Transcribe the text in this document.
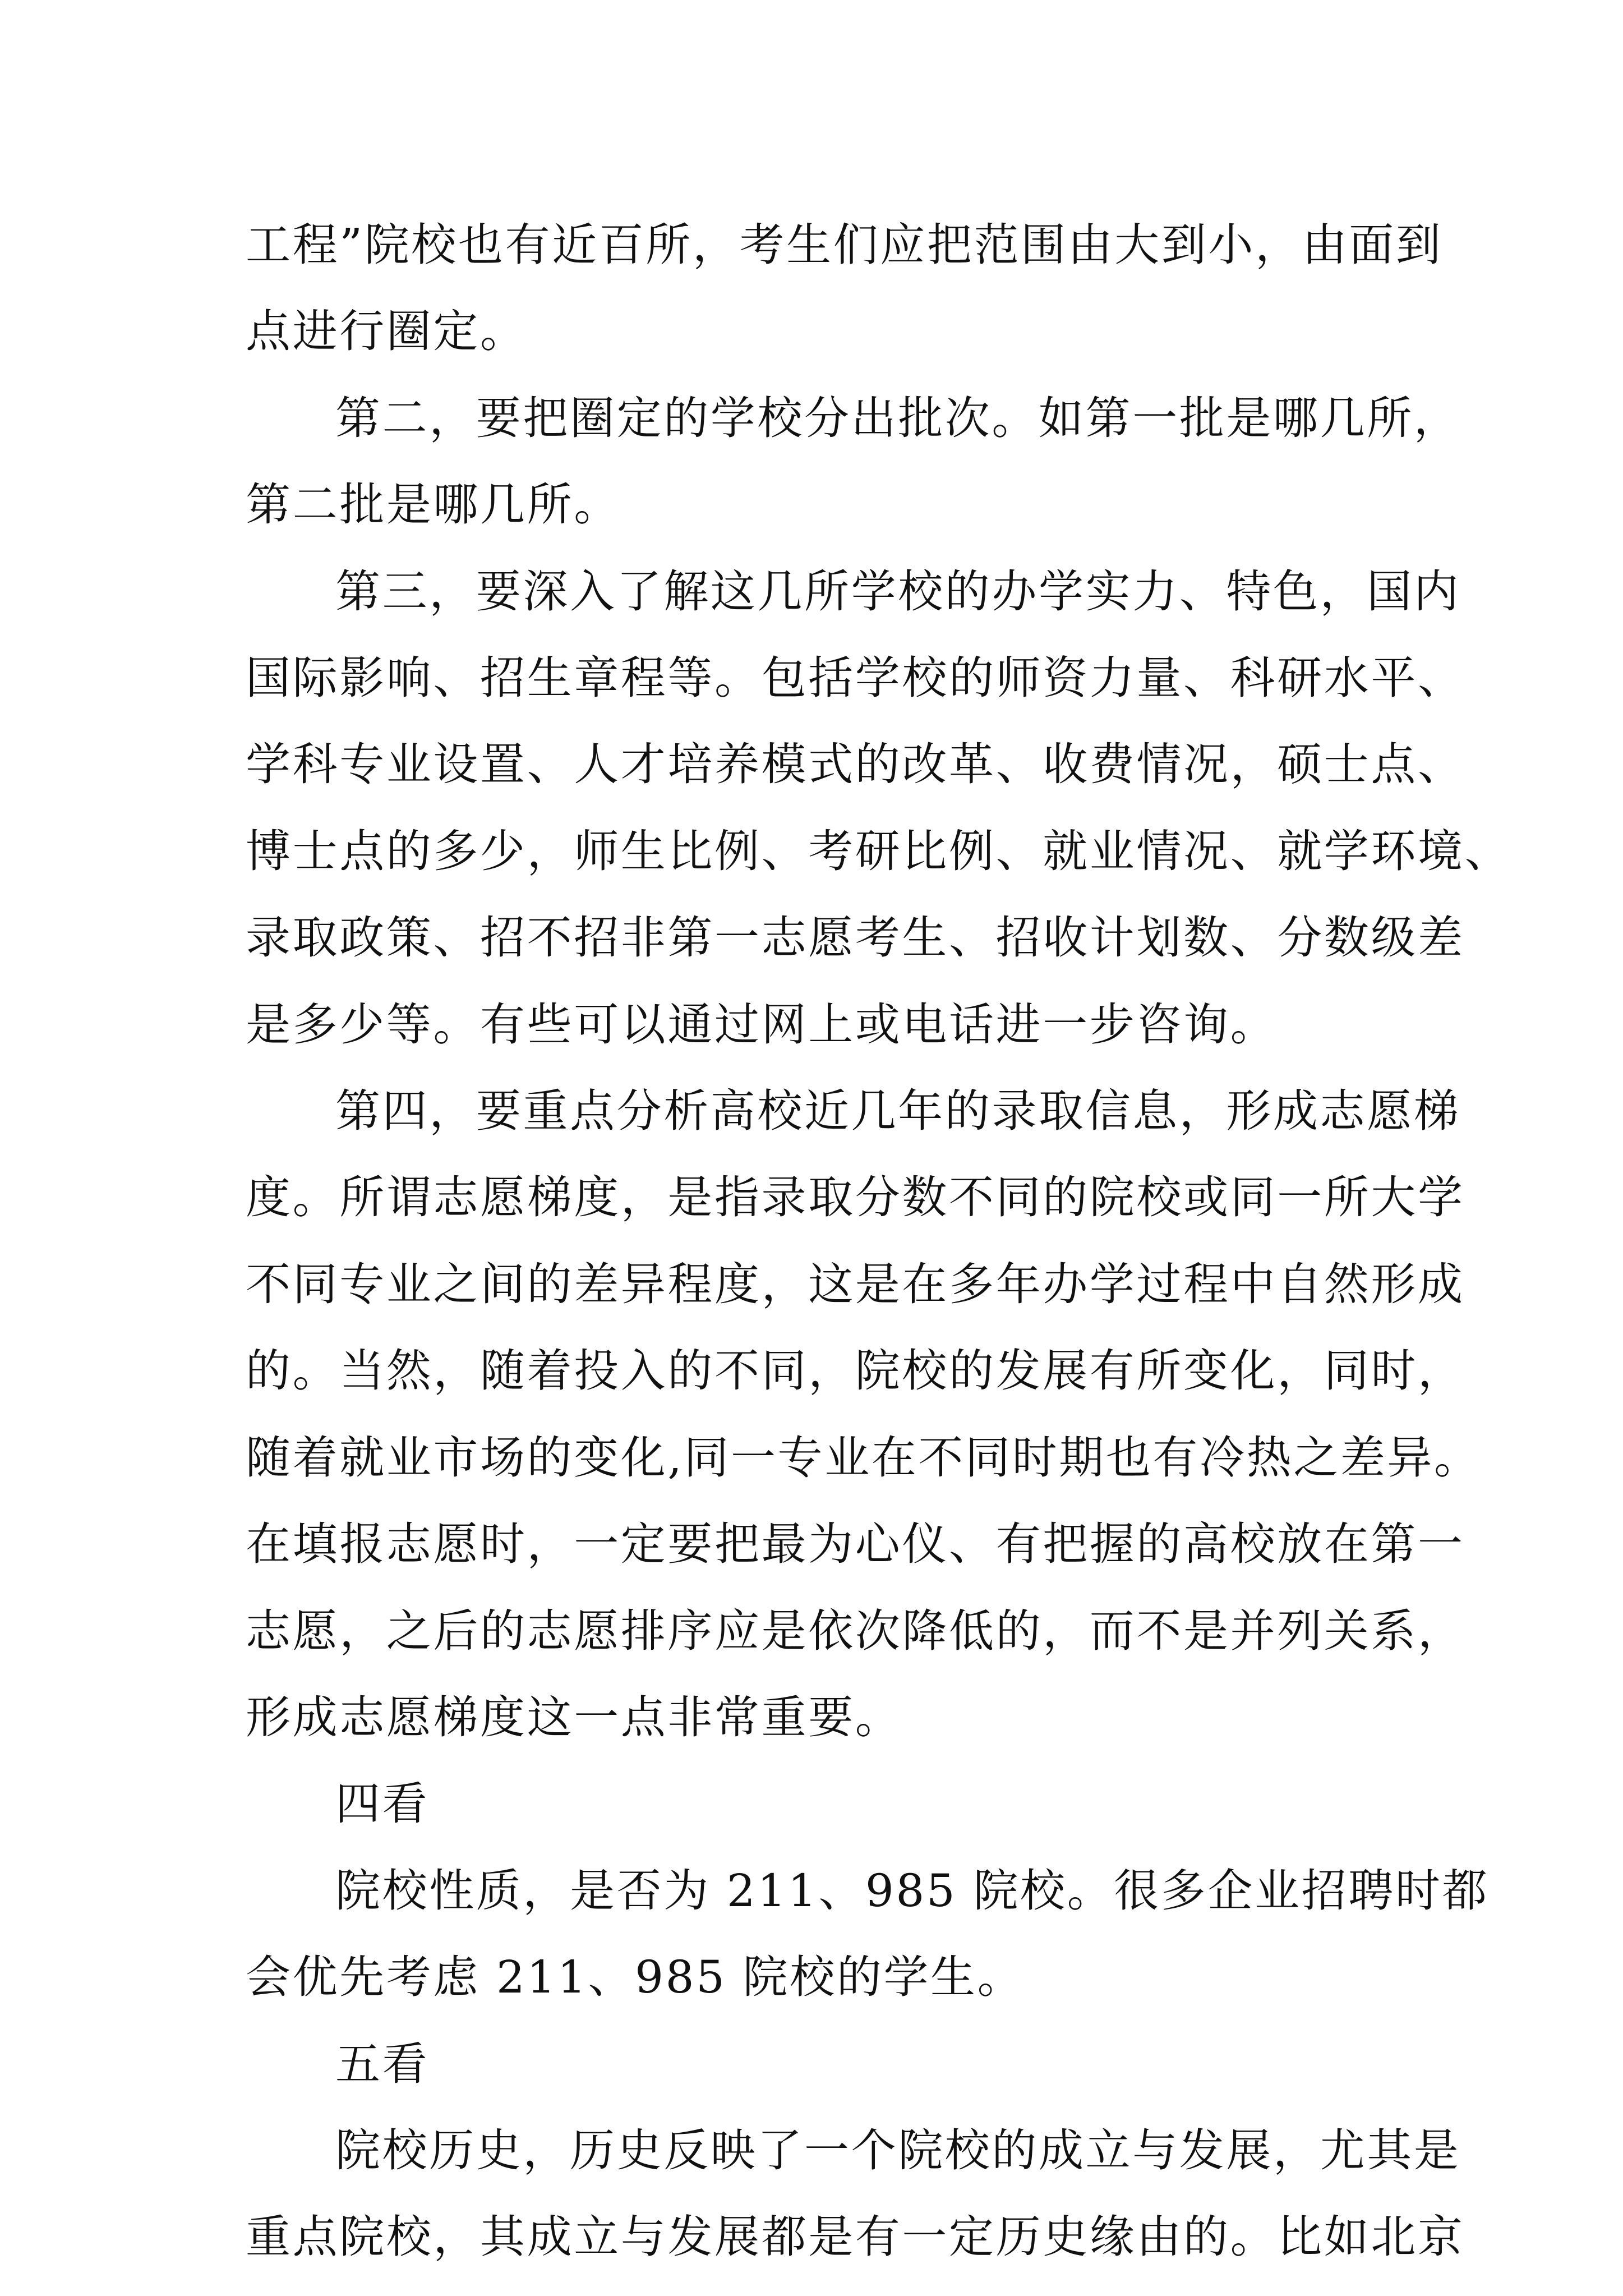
工程”院校也有近百所，考生们应把范围由大到小，由面到
点进行圈定。
第二，要把圈定的学校分出批次。如第一批是哪几所，
第二批是哪几所。
第三，要深入了解这几所学校的办学实力、特色，国内
国际影响、招生章程等。包括学校的师资力量、科研水平、
学科专业设置、人才培养模式的改革、收费情况，硕士点、
博士点的多少，师生比例、考研比例、就业情况、就学环境、
录取政策、招不招非第一志愿考生、招收计划数、分数级差
是多少等。有些可以通过网上或电话进一步咨询。
第四，要重点分析高校近几年的录取信息，形成志愿梯
度。所谓志愿梯度，是指录取分数不同的院校或同一所大学
不同专业之间的差异程度，这是在多年办学过程中自然形成
的。当然，随着投入的不同，院校的发展有所变化，同时，
随着就业市场的变化,同一专业在不同时期也有冷热之差异。
在填报志愿时，一定要把最为心仪、有把握的高校放在第一
志愿，之后的志愿排序应是依次降低的，而不是并列关系，
形成志愿梯度这一点非常重要。
四看
院校性质，是否为 211、985 院校。很多企业招聘时都
会优先考虑 211、985 院校的学生。
五看
院校历史，历史反映了一个院校的成立与发展，尤其是
重点院校，其成立与发展都是有一定历史缘由的。比如北京
